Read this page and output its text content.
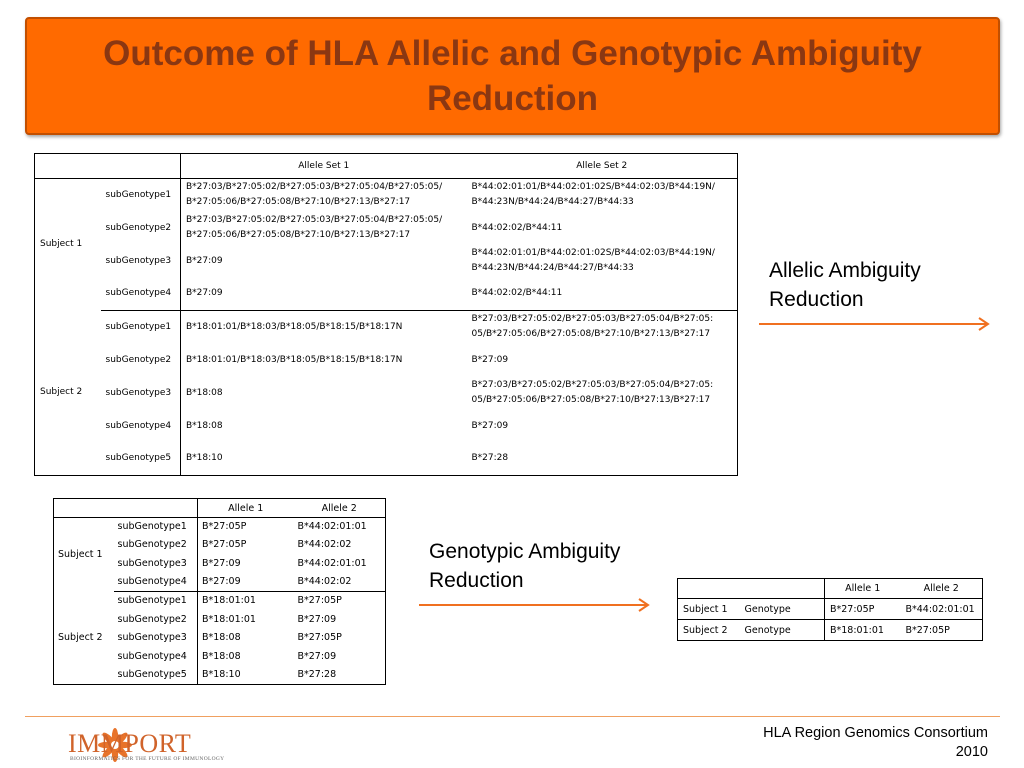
Outcome of HLA Allelic and Genotypic Ambiguity Reduction
		Allele Set 1	Allele Set 2
Subject 1	subGenotype1	B*27:03/B*27:05:02/B*27:05:03/B*27:05:04/B*27:05:05/ B*27:05:06/B*27:05:08/B*27:10/B*27:13/B*27:17	B*44:02:01:01/B*44:02:01:02S/B*44:02:03/B*44:19N/ B*44:23N/B*44:24/B*44:27/B*44:33
	subGenotype2	B*27:03/B*27:05:02/B*27:05:03/B*27:05:04/B*27:05:05/ B*27:05:06/B*27:05:08/B*27:10/B*27:13/B*27:17	B*44:02:02/B*44:11
	subGenotype3	B*27:09	B*44:02:01:01/B*44:02:01:02S/B*44:02:03/B*44:19N/ B*44:23N/B*44:24/B*44:27/B*44:33
	subGenotype4	B*27:09	B*44:02:02/B*44:11
Subject 2	subGenotype1	B*18:01:01/B*18:03/B*18:05/B*18:15/B*18:17N	B*27:03/B*27:05:02/B*27:05:03/B*27:05:04/B*27:05: 05/B*27:05:06/B*27:05:08/B*27:10/B*27:13/B*27:17
	subGenotype2	B*18:01:01/B*18:03/B*18:05/B*18:15/B*18:17N	B*27:09
	subGenotype3	B*18:08	B*27:03/B*27:05:02/B*27:05:03/B*27:05:04/B*27:05: 05/B*27:05:06/B*27:05:08/B*27:10/B*27:13/B*27:17
	subGenotype4	B*18:08	B*27:09
	subGenotype5	B*18:10	B*27:28
Allelic Ambiguity Reduction
		Allele 1	Allele 2
Subject 1	subGenotype1	B*27:05P	B*44:02:01:01
	subGenotype2	B*27:05P	B*44:02:02
	subGenotype3	B*27:09	B*44:02:01:01
	subGenotype4	B*27:09	B*44:02:02
Subject 2	subGenotype1	B*18:01:01	B*27:05P
	subGenotype2	B*18:01:01	B*27:09
	subGenotype3	B*18:08	B*27:05P
	subGenotype4	B*18:08	B*27:09
	subGenotype5	B*18:10	B*27:28
Genotypic Ambiguity Reduction
			Allele 1	Allele 2
Subject 1	Genotype	B*27:05P	B*44:02:01:01
Subject 2	Genotype	B*18:01:01	B*27:05P
IMMPORT
BIOINFORMATICS FOR THE FUTURE OF IMMUNOLOGY
HLA Region Genomics Consortium
2010
